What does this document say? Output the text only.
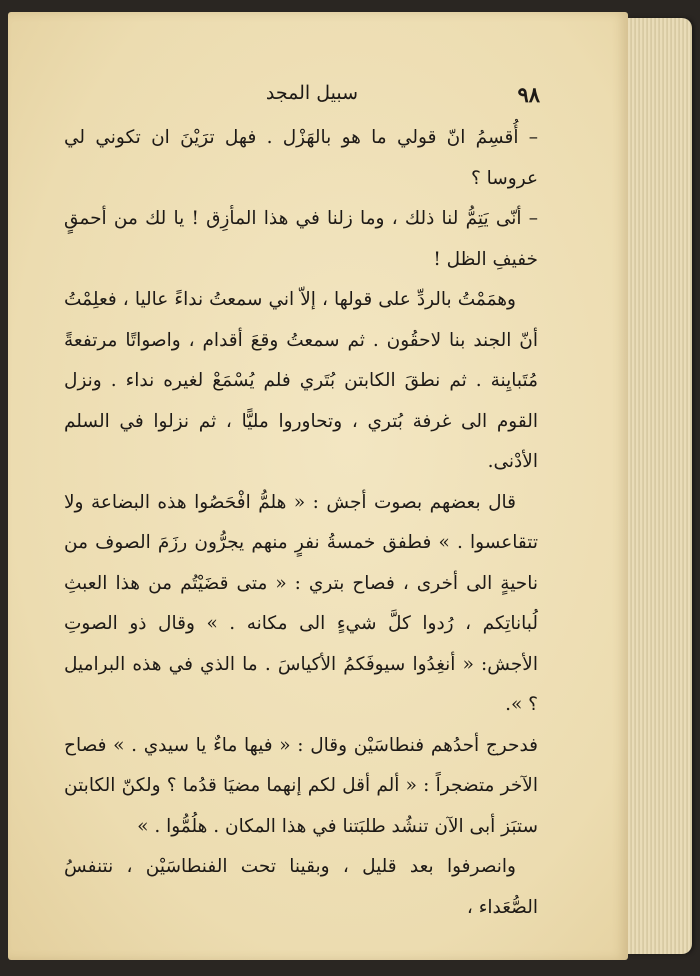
٩٨
سبيل المجد

– أُقسِمُ انّ قولي ما هو بالهَزْل . فهل ترَيْنَ ان تكوني لي عروسا ؟

– أنّى يَتِمُّ لنا ذلك ، وما زلنا في هذا المأزِق ! يا لك من أحمقٍ خفيفِ الظل !

وهمَمْتُ بالردِّ على قولها ، إلاّ اني سمعتُ نداءً عاليا ، فعلِمْتُ أنّ الجند بنا لاحقُون . ثم سمعتُ وقعَ أقدام ، واصواتًا مرتفعةً مُتَبايِنة . ثم نطقَ الكابتن بُتَري فلم يُسْمَعْ لغيره نداء . ونزل القوم الى غرفة بُتري ، وتحاوروا مليًّا ، ثم نزلوا في السلم الأدْنى.

قال بعضهم بصوت أجش : « هلمُّ افْحَصُوا هذه البضاعة ولا تتقاعسوا . » فطفق خمسةُ نفرٍ منهم يجرُّون رزَمَ الصوف من ناحيةٍ الى أخرى ، فصاح بتري : « متى قضَيْتُم من هذا العبثِ لُباناتِكم ، رُدوا كلَّ شيءٍ الى مكانه . » وقال ذو الصوتِ الأجش: « أنغِدُوا سيوفَكمُ الأكياسَ . ما الذي في هذه البراميل ؟ ».

فدحرج أحدُهم فنطاسَيْن وقال : « فيها ماءٌ يا سيدي . » فصاح الآخر متضجراً : « ألم أقل لكم إنهما مضيَا قدُما ؟ ولكنّ الكابتن ستبَز أبى الآن تنشُد طلبَتنا في هذا المكان . هلُمُّوا . »

وانصرفوا بعد قليل ، وبقينا تحت الفنطاسَيْن ، نتنفسُ الصُّعَداء ،
